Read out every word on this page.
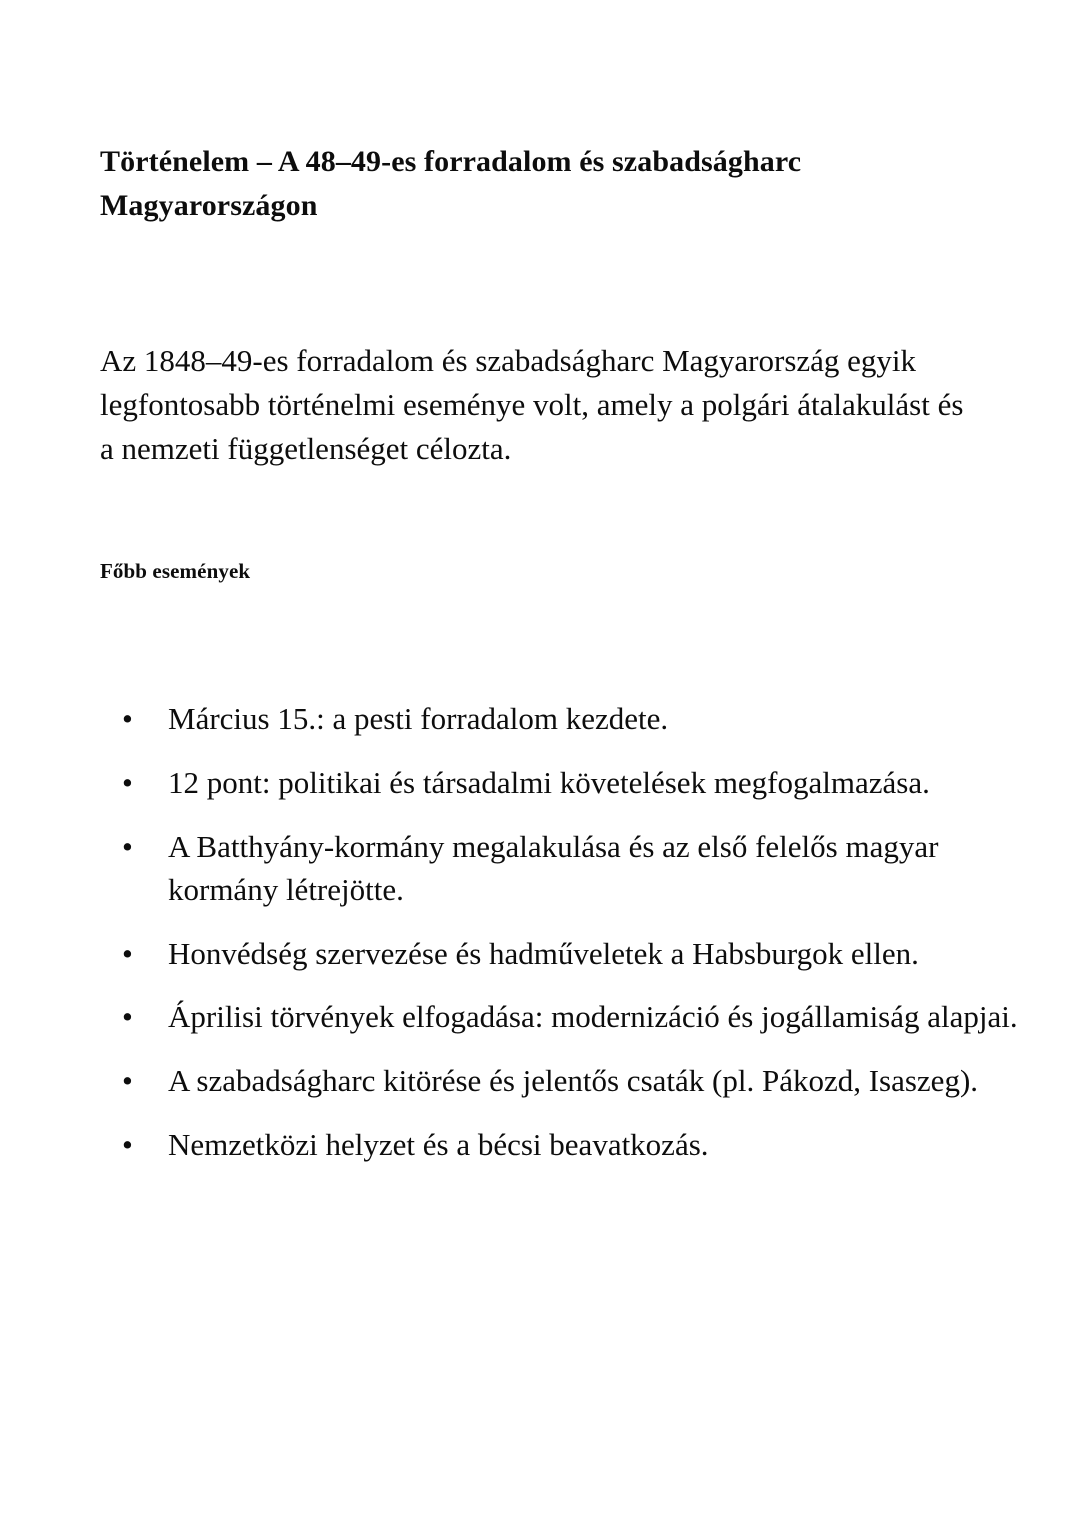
Történelem – A 48–49-es forradalom és szabadságharc Magyarországon

Az 1848–49-es forradalom és szabadságharc Magyarország egyik legfontosabb történelmi eseménye volt, amely a polgári átalakulást és a nemzeti függetlenséget célozta.

Főbb események
• Március 15.: a pesti forradalom kezdete.
• 12 pont: politikai és társadalmi követelések megfogalmazása.
• A Batthyány-kormány megalakulása és az első felelős magyar kormány létrejötte.
• Honvédség szervezése és hadműveletek a Habsburgok ellen.
• Áprilisi törvények elfogadása: modernizáció és jogállamiság alapjai.
• A szabadságharc kitörése és jelentős csaták (pl. Pákozd, Isaszeg).
• Nemzetközi helyzet és a bécsi beavatkozás.
